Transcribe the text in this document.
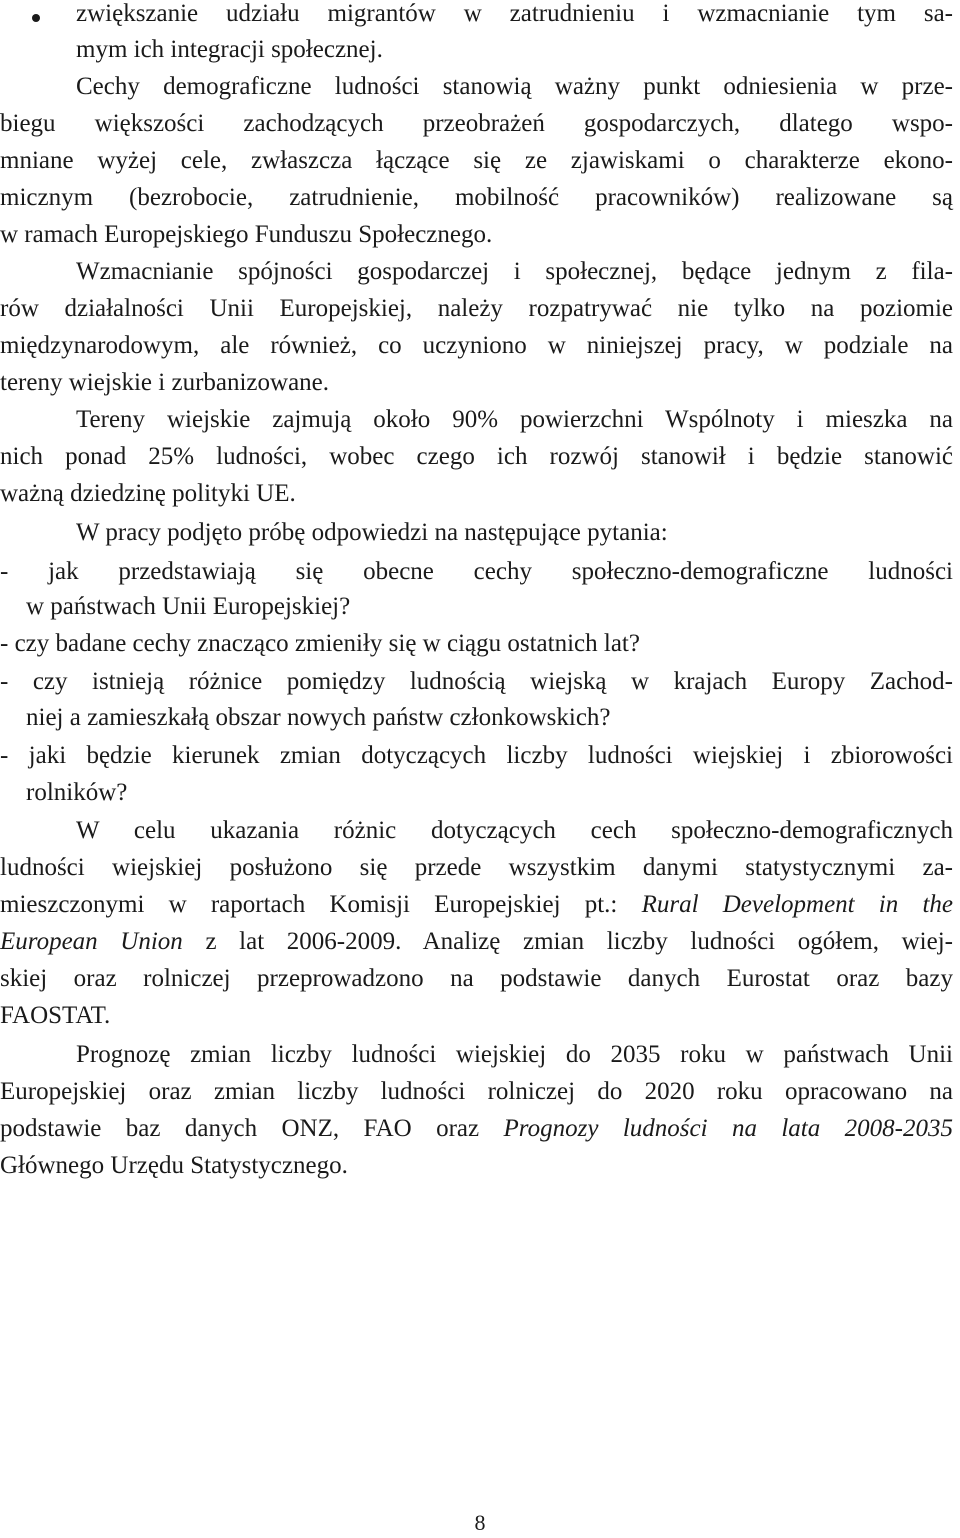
zwiększanie udziału migrantów w zatrudnieniu i wzmacnianie tym sa-
mym ich integracji społecznej.
Cechy demograficzne ludności stanowią ważny punkt odniesienia w prze-
biegu większości zachodzących przeobrażeń gospodarczych, dlatego wspo-
mniane wyżej cele, zwłaszcza łączące się ze zjawiskami o charakterze ekono-
micznym (bezrobocie, zatrudnienie, mobilność pracowników) realizowane są
w ramach Europejskiego Funduszu Społecznego.
Wzmacnianie spójności gospodarczej i społecznej, będące jednym z fila-
rów działalności Unii Europejskiej, należy rozpatrywać nie tylko na poziomie
międzynarodowym, ale również, co uczyniono w niniejszej pracy, w podziale na
tereny wiejskie i zurbanizowane.
Tereny wiejskie zajmują około 90% powierzchni Wspólnoty i mieszka na
nich ponad 25% ludności, wobec czego ich rozwój stanowił i będzie stanowić
ważną dziedzinę polityki UE.
W pracy podjęto próbę odpowiedzi na następujące pytania:
- jak przedstawiają się obecne cechy społeczno-demograficzne ludności
w państwach Unii Europejskiej?
- czy badane cechy znacząco zmieniły się w ciągu ostatnich lat?
- czy istnieją różnice pomiędzy ludnością wiejską w krajach Europy Zachod-
niej a zamieszkałą obszar nowych państw członkowskich?
- jaki będzie kierunek zmian dotyczących liczby ludności wiejskiej i zbiorowości
rolników?
W celu ukazania różnic dotyczących cech społeczno-demograficznych
ludności wiejskiej posłużono się przede wszystkim danymi statystycznymi za-
mieszczonymi w raportach Komisji Europejskiej pt.: Rural Development in the
European Union z lat 2006-2009. Analizę zmian liczby ludności ogółem, wiej-
skiej oraz rolniczej przeprowadzono na podstawie danych Eurostat oraz bazy
FAOSTAT.
Prognozę zmian liczby ludności wiejskiej do 2035 roku w państwach Unii
Europejskiej oraz zmian liczby ludności rolniczej do 2020 roku opracowano na
podstawie baz danych ONZ, FAO oraz Prognozy ludności na lata 2008-2035
Głównego Urzędu Statystycznego.
8
